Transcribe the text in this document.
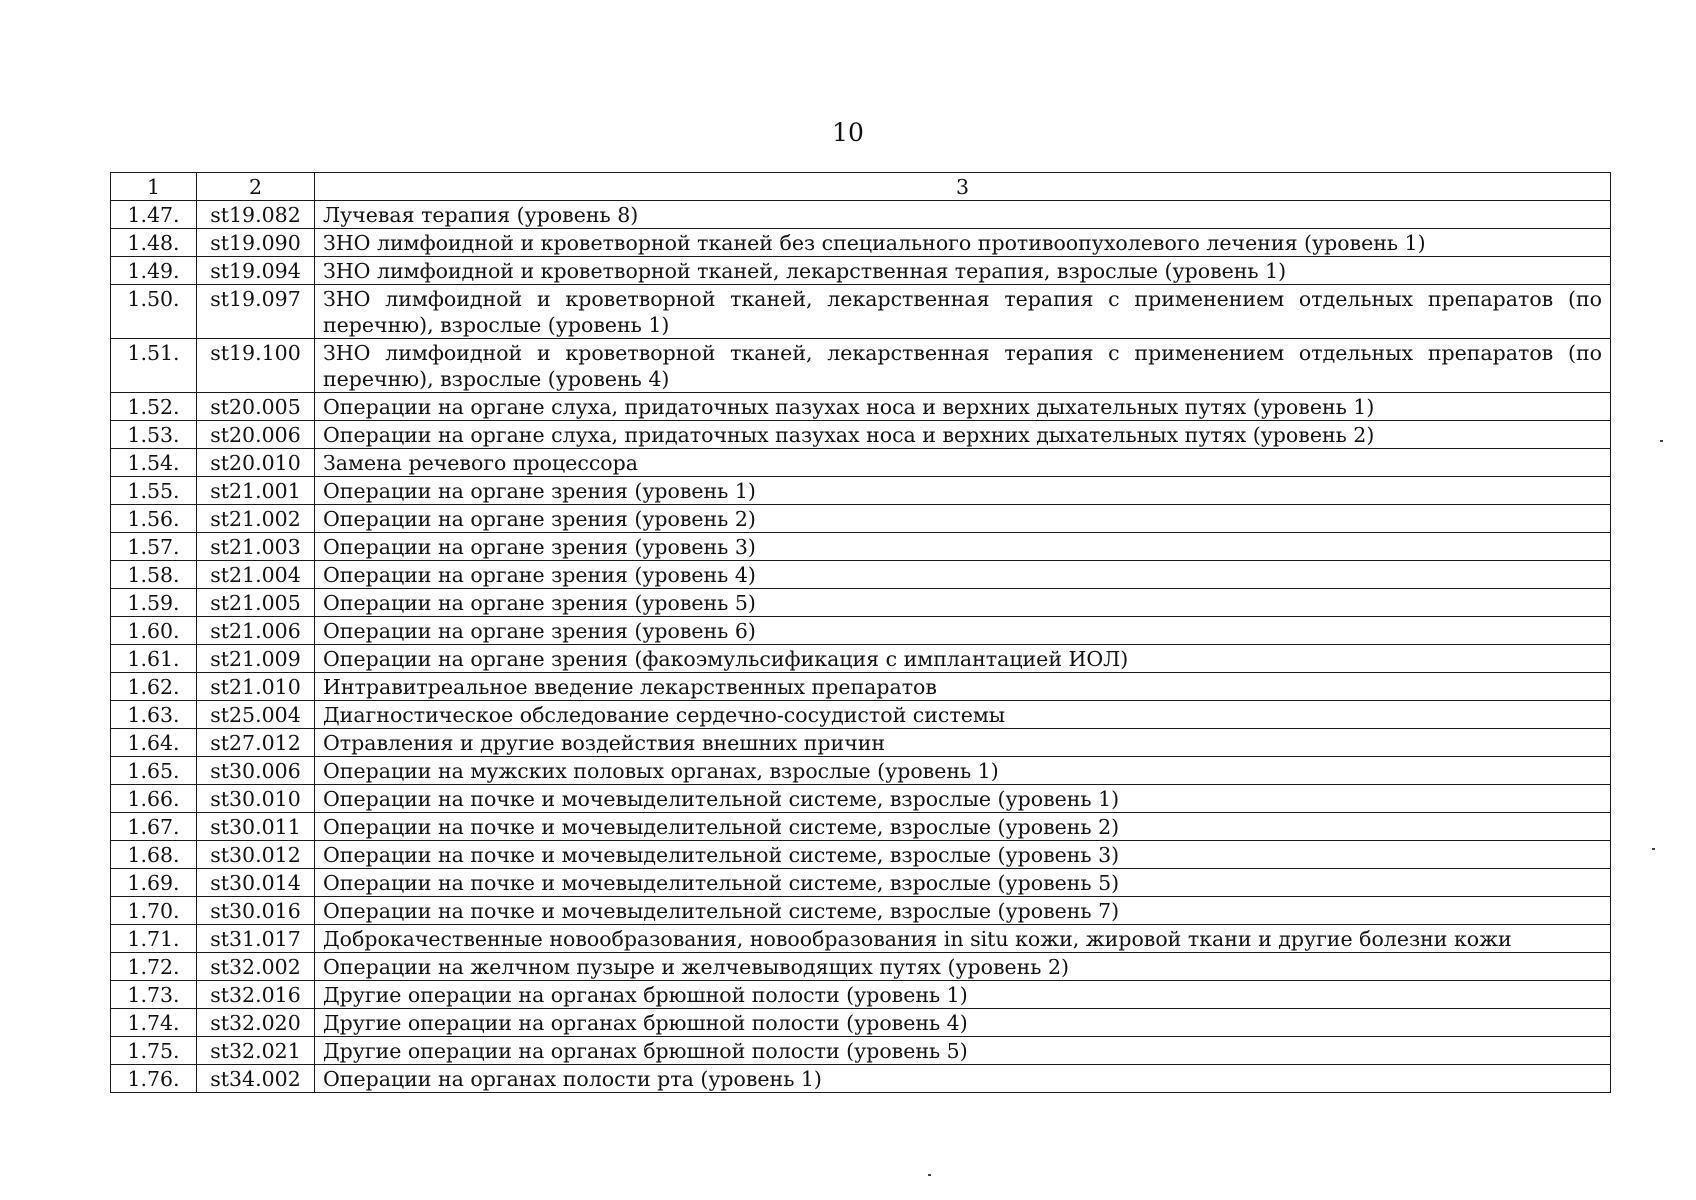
10
1	2	3
1.47.	st19.082	Лучевая терапия (уровень 8)
1.48.	st19.090	ЗНО лимфоидной и кроветворной тканей без специального противоопухолевого лечения (уровень 1)
1.49.	st19.094	ЗНО лимфоидной и кроветворной тканей, лекарственная терапия, взрослые (уровень 1)
1.50.	st19.097	ЗНО лимфоидной и кроветворной тканей, лекарственная терапия с применением отдельных препаратов (по перечню), взрослые (уровень 1)
1.51.	st19.100	ЗНО лимфоидной и кроветворной тканей, лекарственная терапия с применением отдельных препаратов (по перечню), взрослые (уровень 4)
1.52.	st20.005	Операции на органе слуха, придаточных пазухах носа и верхних дыхательных путях (уровень 1)
1.53.	st20.006	Операции на органе слуха, придаточных пазухах носа и верхних дыхательных путях (уровень 2)
1.54.	st20.010	Замена речевого процессора
1.55.	st21.001	Операции на органе зрения (уровень 1)
1.56.	st21.002	Операции на органе зрения (уровень 2)
1.57.	st21.003	Операции на органе зрения (уровень 3)
1.58.	st21.004	Операции на органе зрения (уровень 4)
1.59.	st21.005	Операции на органе зрения (уровень 5)
1.60.	st21.006	Операции на органе зрения (уровень 6)
1.61.	st21.009	Операции на органе зрения (факоэмульсификация с имплантацией ИОЛ)
1.62.	st21.010	Интравитреальное введение лекарственных препаратов
1.63.	st25.004	Диагностическое обследование сердечно-сосудистой системы
1.64.	st27.012	Отравления и другие воздействия внешних причин
1.65.	st30.006	Операции на мужских половых органах, взрослые (уровень 1)
1.66.	st30.010	Операции на почке и мочевыделительной системе, взрослые (уровень 1)
1.67.	st30.011	Операции на почке и мочевыделительной системе, взрослые (уровень 2)
1.68.	st30.012	Операции на почке и мочевыделительной системе, взрослые (уровень 3)
1.69.	st30.014	Операции на почке и мочевыделительной системе, взрослые (уровень 5)
1.70.	st30.016	Операции на почке и мочевыделительной системе, взрослые (уровень 7)
1.71.	st31.017	Доброкачественные новообразования, новообразования in situ кожи, жировой ткани и другие болезни кожи
1.72.	st32.002	Операции на желчном пузыре и желчевыводящих путях (уровень 2)
1.73.	st32.016	Другие операции на органах брюшной полости (уровень 1)
1.74.	st32.020	Другие операции на органах брюшной полости (уровень 4)
1.75.	st32.021	Другие операции на органах брюшной полости (уровень 5)
1.76.	st34.002	Операции на органах полости рта (уровень 1)
